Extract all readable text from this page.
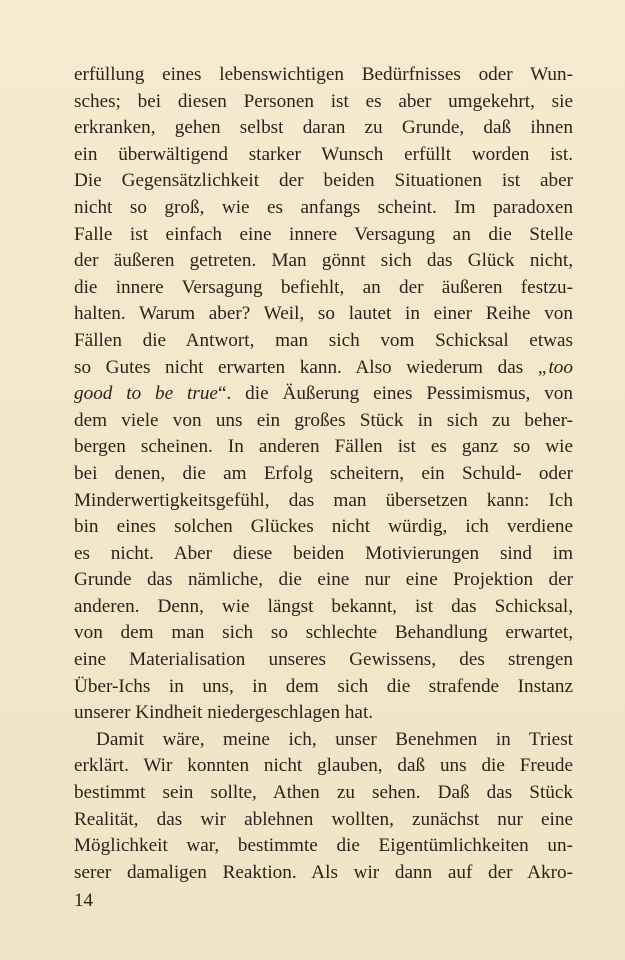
erfüllung eines lebenswichtigen Bedürfnisses oder Wun-
sches; bei diesen Personen ist es aber umgekehrt, sie
erkranken, gehen selbst daran zu Grunde, daß ihnen
ein überwältigend starker Wunsch erfüllt worden ist.
Die Gegensätzlichkeit der beiden Situationen ist aber
nicht so groß, wie es anfangs scheint. Im paradoxen
Falle ist einfach eine innere Versagung an die Stelle
der äußeren getreten. Man gönnt sich das Glück nicht,
die innere Versagung befiehlt, an der äußeren festzu-
halten. Warum aber? Weil, so lautet in einer Reihe von
Fällen die Antwort, man sich vom Schicksal etwas
so Gutes nicht erwarten kann. Also wiederum das „too
good to be true“. die Äußerung eines Pessimismus, von
dem viele von uns ein großes Stück in sich zu beher-
bergen scheinen. In anderen Fällen ist es ganz so wie
bei denen, die am Erfolg scheitern, ein Schuld- oder
Minderwertigkeitsgefühl, das man übersetzen kann: Ich
bin eines solchen Glückes nicht würdig, ich verdiene
es nicht. Aber diese beiden Motivierungen sind im
Grunde das nämliche, die eine nur eine Projektion der
anderen. Denn, wie längst bekannt, ist das Schicksal,
von dem man sich so schlechte Behandlung erwartet,
eine Materialisation unseres Gewissens, des strengen
Über-Ichs in uns, in dem sich die strafende Instanz
unserer Kindheit niedergeschlagen hat.
Damit wäre, meine ich, unser Benehmen in Triest
erklärt. Wir konnten nicht glauben, daß uns die Freude
bestimmt sein sollte, Athen zu sehen. Daß das Stück
Realität, das wir ablehnen wollten, zunächst nur eine
Möglichkeit war, bestimmte die Eigentümlichkeiten un-
serer damaligen Reaktion. Als wir dann auf der Akro-
14
